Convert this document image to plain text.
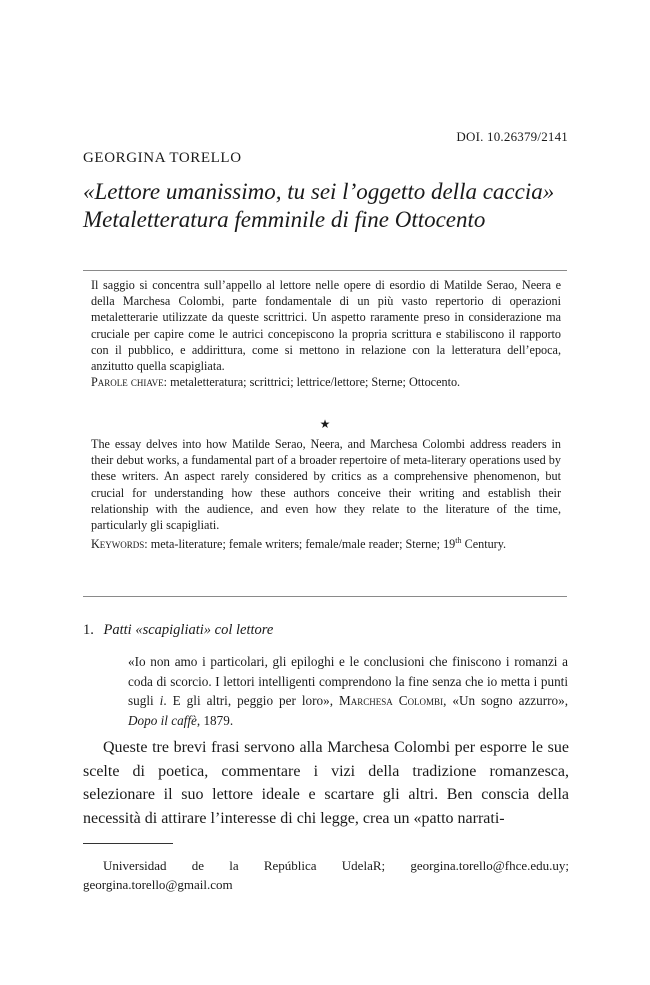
DOI. 10.26379/2141
GEORGINA TORELLO
«Lettore umanissimo, tu sei l’oggetto della caccia»
Metaletteratura femminile di fine Ottocento
Il saggio si concentra sull’appello al lettore nelle opere di esordio di Matilde Serao, Neera e della Marchesa Colombi, parte fondamentale di un più vasto repertorio di operazioni metaletterarie utilizzate da queste scrittrici. Un aspetto raramente preso in considerazione ma cruciale per capire come le autrici concepiscono la propria scrittura e stabiliscono il rapporto con il pubblico, e addirittura, come si mettono in relazione con la letteratura dell’epoca, anzitutto quella scapigliata.
Parole chiave: metaletteratura; scrittrici; lettrice/lettore; Sterne; Ottocento.
★
The essay delves into how Matilde Serao, Neera, and Marchesa Colombi address readers in their debut works, a fundamental part of a broader repertoire of meta-literary operations used by these writers. An aspect rarely considered by critics as a comprehensive phenomenon, but crucial for understanding how these authors conceive their writing and establish their relationship with the audience, and even how they relate to the literature of the time, particularly gli scapigliati.
Keywords: meta-literature; female writers; female/male reader; Sterne; 19th Century.
1. Patti «scapigliati» col lettore
«Io non amo i particolari, gli epiloghi e le conclusioni che finiscono i romanzi a coda di scorcio. I lettori intelligenti comprendono la fine senza che io metta i punti sugli i. E gli altri, peggio per loro», Marchesa Colombi, «Un sogno azzurro», Dopo il caffè, 1879.
Queste tre brevi frasi servono alla Marchesa Colombi per esporre le sue scelte di poetica, commentare i vizi della tradizione romanzesca, selezionare il suo lettore ideale e scartare gli altri. Ben conscia della necessità di attirare l’interesse di chi legge, crea un «patto narrati-
Universidad de la República UdelaR; georgina.torello@fhce.edu.uy; georgina.torello@gmail.com
